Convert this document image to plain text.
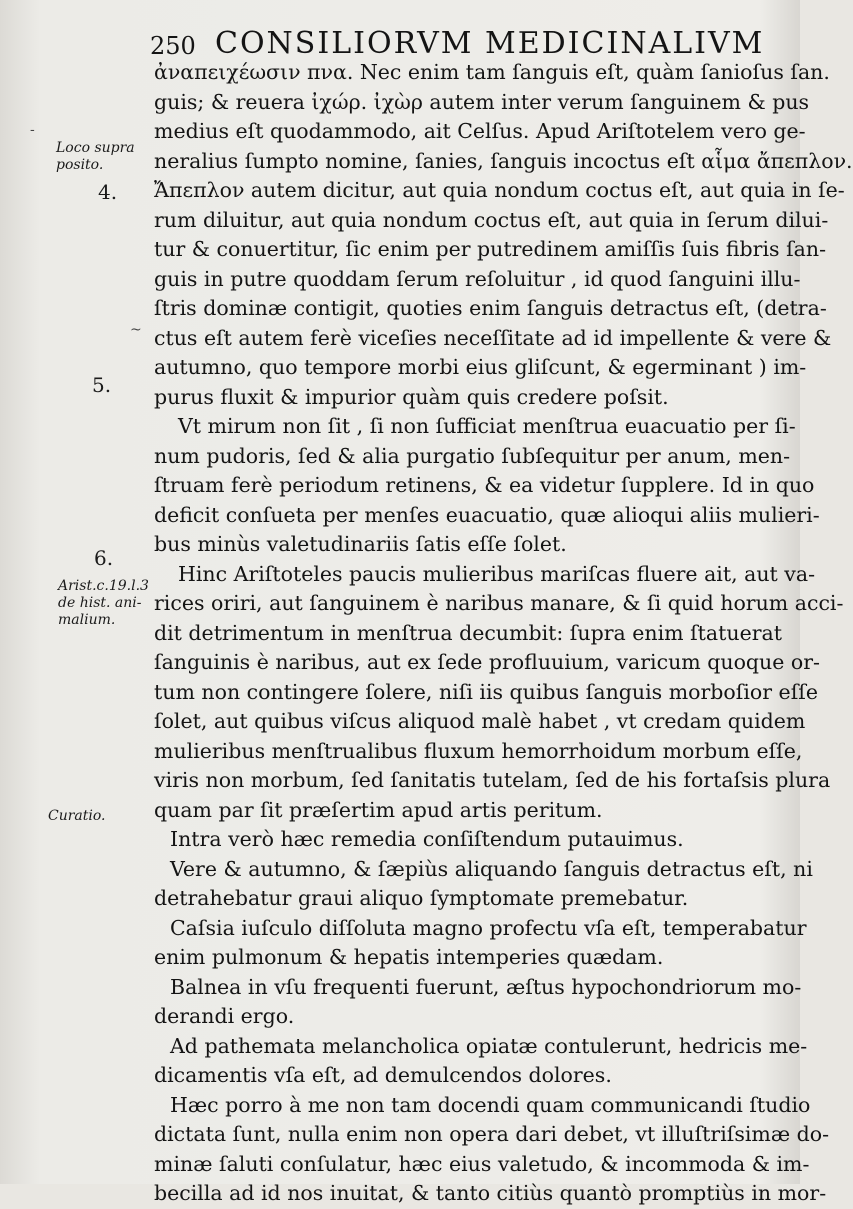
250 CONSILIORVM MEDICINALIVM
Loco supra
posito.
-
4.
~
5.
6.
Arist.c.19.l.3
de hist. ani-
malium.
Curatio.
ἀναπειχέωσιν πνα. Nec enim tam ſanguis eſt, quàm ſanioſus ſan.
guis; & reuera ἰχώρ. ἰχὼρ autem inter verum ſanguinem & pus
medius eſt quodammodo, ait Celſus. Apud Ariſtotelem vero ge-
neralius ſumpto nomine, ſanies, ſanguis incoctus eſt αἷμα ἄπεπλον.
Ἄπεπλον autem dicitur, aut quia nondum coctus eſt, aut quia in ſe-
rum diluitur, aut quia nondum coctus eſt, aut quia in ſerum dilui-
tur & conuertitur, ſic enim per putredinem amiſſis ſuis fibris ſan-
guis in putre quoddam ſerum reſoluitur , id quod ſanguini illu-
ſtris dominæ contigit, quoties enim ſanguis detractus eſt, (detra-
ctus eſt autem ferè viceſies neceſſitate ad id impellente & vere &
autumno, quo tempore morbi eius gliſcunt, & egerminant ) im-
purus fluxit & impurior quàm quis credere poſsit.
Vt mirum non ſit , ſi non ſufficiat menſtrua euacuatio per ſi-
num pudoris, ſed & alia purgatio ſubſequitur per anum, men-
ſtruam ferè periodum retinens, & ea videtur ſupplere. Id in quo
deficit conſueta per menſes euacuatio, quæ alioqui aliis mulieri-
bus minùs valetudinariis ſatis eſſe ſolet.
Hinc Ariſtoteles paucis mulieribus mariſcas fluere ait, aut va-
rices oriri, aut ſanguinem è naribus manare, & ſi quid horum acci-
dit detrimentum in menſtrua decumbit: ſupra enim ſtatuerat
ſanguinis è naribus, aut ex ſede profluuium, varicum quoque or-
tum non contingere ſolere, niſi iis quibus ſanguis morboſior eſſe
ſolet, aut quibus viſcus aliquod malè habet , vt credam quidem
mulieribus menſtrualibus fluxum hemorrhoidum morbum eſſe,
viris non morbum, ſed ſanitatis tutelam, ſed de his fortaſsis plura
quam par ſit præſertim apud artis peritum.
Intra verò hæc remedia conſiſtendum putauimus.
Vere & autumno, & ſæpiùs aliquando ſanguis detractus eſt, ni
detrahebatur graui aliquo ſymptomate premebatur.
Caſsia iuſculo diſſoluta magno profectu vſa eſt, temperabatur
enim pulmonum & hepatis intemperies quædam.
Balnea in vſu frequenti fuerunt, æſtus hypochondriorum mo-
derandi ergo.
Ad pathemata melancholica opiatæ contulerunt, hedricis me-
dicamentis vſa eſt, ad demulcendos dolores.
Hæc porro à me non tam docendi quam communicandi ſtudio
dictata ſunt, nulla enim non opera dari debet, vt illuſtriſsimæ do-
minæ ſaluti conſulatur, hæc eius valetudo, & incommoda & im-
becilla ad id nos inuitat, & tanto citiùs quantò promptiùs in mor-
